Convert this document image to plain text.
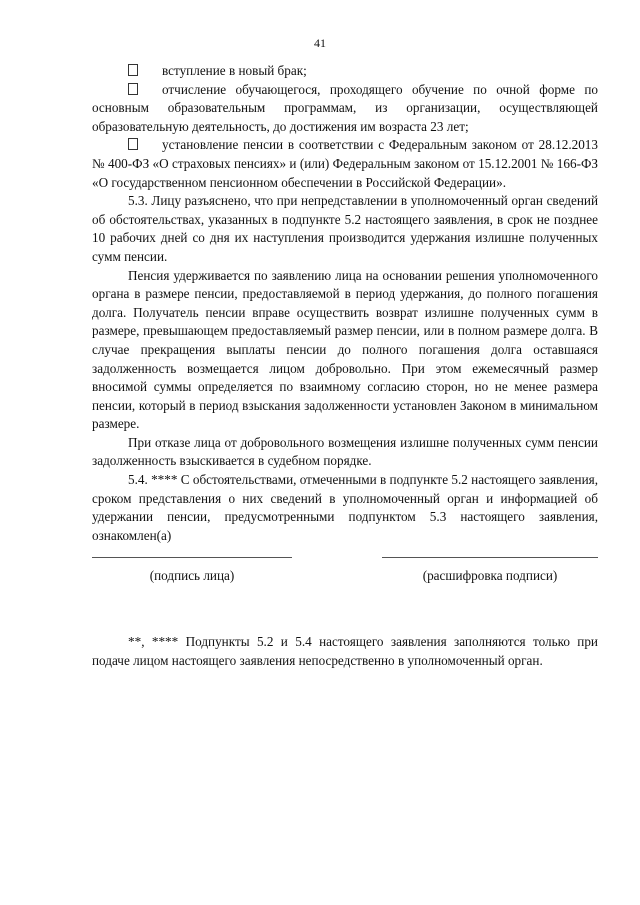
41

вступление в новый брак;

отчисление обучающегося, проходящего обучение по очной форме по основным образовательным программам, из организации, осуществляющей образовательную деятельность, до достижения им возраста 23 лет;

установление пенсии в соответствии с Федеральным законом от 28.12.2013 № 400-ФЗ «О страховых пенсиях» и (или) Федеральным законом от 15.12.2001 № 166-ФЗ «О государственном пенсионном обеспечении в Российской Федерации».

5.3. Лицу разъяснено, что при непредставлении в уполномоченный орган сведений об обстоятельствах, указанных в подпункте 5.2 настоящего заявления, в срок не позднее 10 рабочих дней со дня их наступления производится удержания излишне полученных сумм пенсии.

Пенсия удерживается по заявлению лица на основании решения уполномоченного органа в размере пенсии, предоставляемой в период удержания, до полного погашения долга. Получатель пенсии вправе осуществить возврат излишне полученных сумм в размере, превышающем предоставляемый размер пенсии, или в полном размере долга. В случае прекращения выплаты пенсии до полного погашения долга оставшаяся задолженность возмещается лицом добровольно. При этом ежемесячный размер вносимой суммы определяется по взаимному согласию сторон, но не менее размера пенсии, который в период взыскания задолженности установлен Законом в минимальном размере.

При отказе лица от добровольного возмещения излишне полученных сумм пенсии задолженность взыскивается в судебном порядке.

5.4. **** С обстоятельствами, отмеченными в подпункте 5.2 настоящего заявления, сроком представления о них сведений в уполномоченный орган и информацией об удержании пенсии, предусмотренными подпунктом 5.3 настоящего заявления, ознакомлен(а)

(подпись лица)	(расшифровка подписи)

**, **** Подпункты 5.2 и 5.4 настоящего заявления заполняются только при подаче лицом настоящего заявления непосредственно в уполномоченный орган.
